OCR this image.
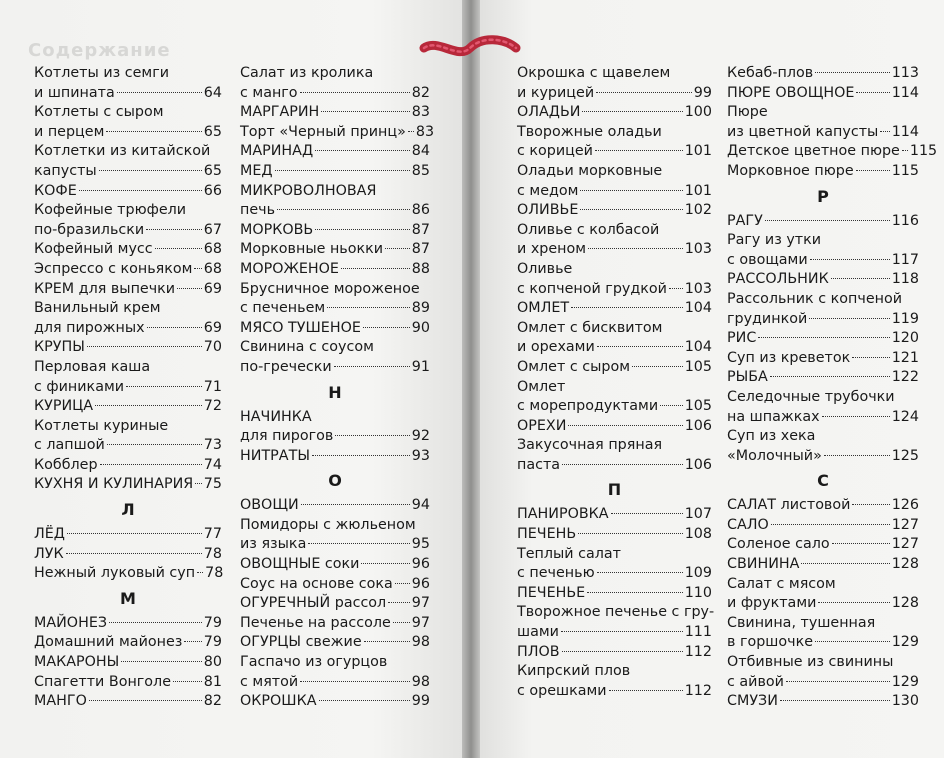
Содержание
Котлеты из семги
и шпината	64
Котлеты с сыром
и перцем	65
Котлетки из китайской
капусты	65
КОФЕ	66
Кофейные трюфели
по-бразильски	67
Кофейный мусс	68
Эспрессо с коньяком 68
КРЕМ для выпечки 69
Ванильный крем
для пирожных	69
КРУПЫ	70
Перловая каша
с финиками	71
КУРИЦА	72
Котлеты куриные
с лапшой	73
Кобблер	74
КУХНЯ И КУЛИНАРИЯ 75
Л
ЛЁД	77
ЛУК	78
Нежный луковый суп 78
М
МАЙОНЕЗ	79
Домашний майонез 79
МАКАРОНЫ	80
Спагетти Вонголе 81
МАНГО	82
Салат из кролика
с манго	82
МАРГАРИН	83
Торт «Черный принц» 83
МАРИНАД	84
МЕД	85
МИКРОВОЛНОВАЯ
печь	86
МОРКОВЬ	87
Морковные ньокки 87
МОРОЖЕНОЕ	88
Брусничное мороженое
с печеньем	89
МЯСО ТУШЕНОЕ	90
Свинина с соусом
по-гречески	91
Н
НАЧИНКА
для пирогов	92
НИТРАТЫ	93
О
ОВОЩИ	94
Помидоры с жюльеном
из языка	95
ОВОЩНЫЕ соки	96
Соус на основе сока 96
ОГУРЕЧНЫЙ рассол 97
Печенье на рассоле 97
ОГУРЦЫ свежие	98
Гаспачо из огурцов
с мятой	98
ОКРОШКА	99
Окрошка с щавелем
и курицей	99
ОЛАДЬИ	100
Творожные оладьи
с корицей	101
Оладьи морковные
с медом	101
ОЛИВЬЕ	102
Оливье с колбасой
и хреном	103
Оливье
с копченой грудкой 103
ОМЛЕТ	104
Омлет с бисквитом
и орехами	104
Омлет с сыром	105
Омлет
с морепродуктами 105
ОРЕХИ	106
Закусочная пряная
паста	106
П
ПАНИРОВКА	107
ПЕЧЕНЬ	108
Теплый салат
с печенью	109
ПЕЧЕНЬЕ	110
Творожное печенье с гру-
шами	111
ПЛОВ	112
Кипрский плов
с орешками	112
Кебаб-плов	113
ПЮРЕ ОВОЩНОЕ	114
Пюре
из цветной капусты 114
Детское цветное пюре 115
Морковное пюре	115
Р
РАГУ	116
Рагу из утки
с овощами	117
РАССОЛЬНИК	118
Рассольник с копченой
грудинкой	119
РИС	120
Суп из креветок	121
РЫБА	122
Селедочные трубочки
на шпажках	124
Суп из хека
«Молочный»	125
С
САЛАТ листовой	126
САЛО	127
Соленое сало	127
СВИНИНА	128
Салат с мясом
и фруктами	128
Свинина, тушенная
в горшочке	129
Отбивные из свинины
с айвой	129
СМУЗИ	130
